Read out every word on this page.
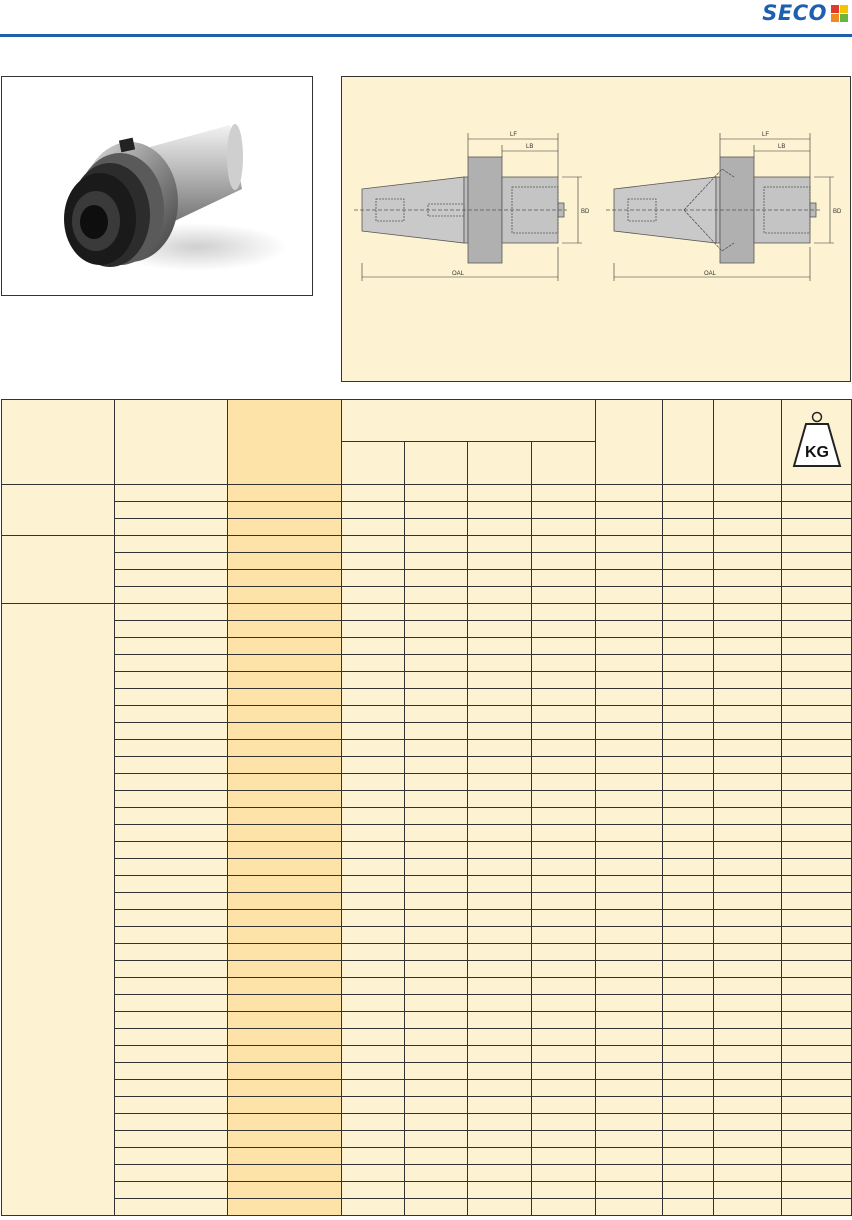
SECO
LF
LB
BD
OAL
LF
LB
BD
OAL

KG
